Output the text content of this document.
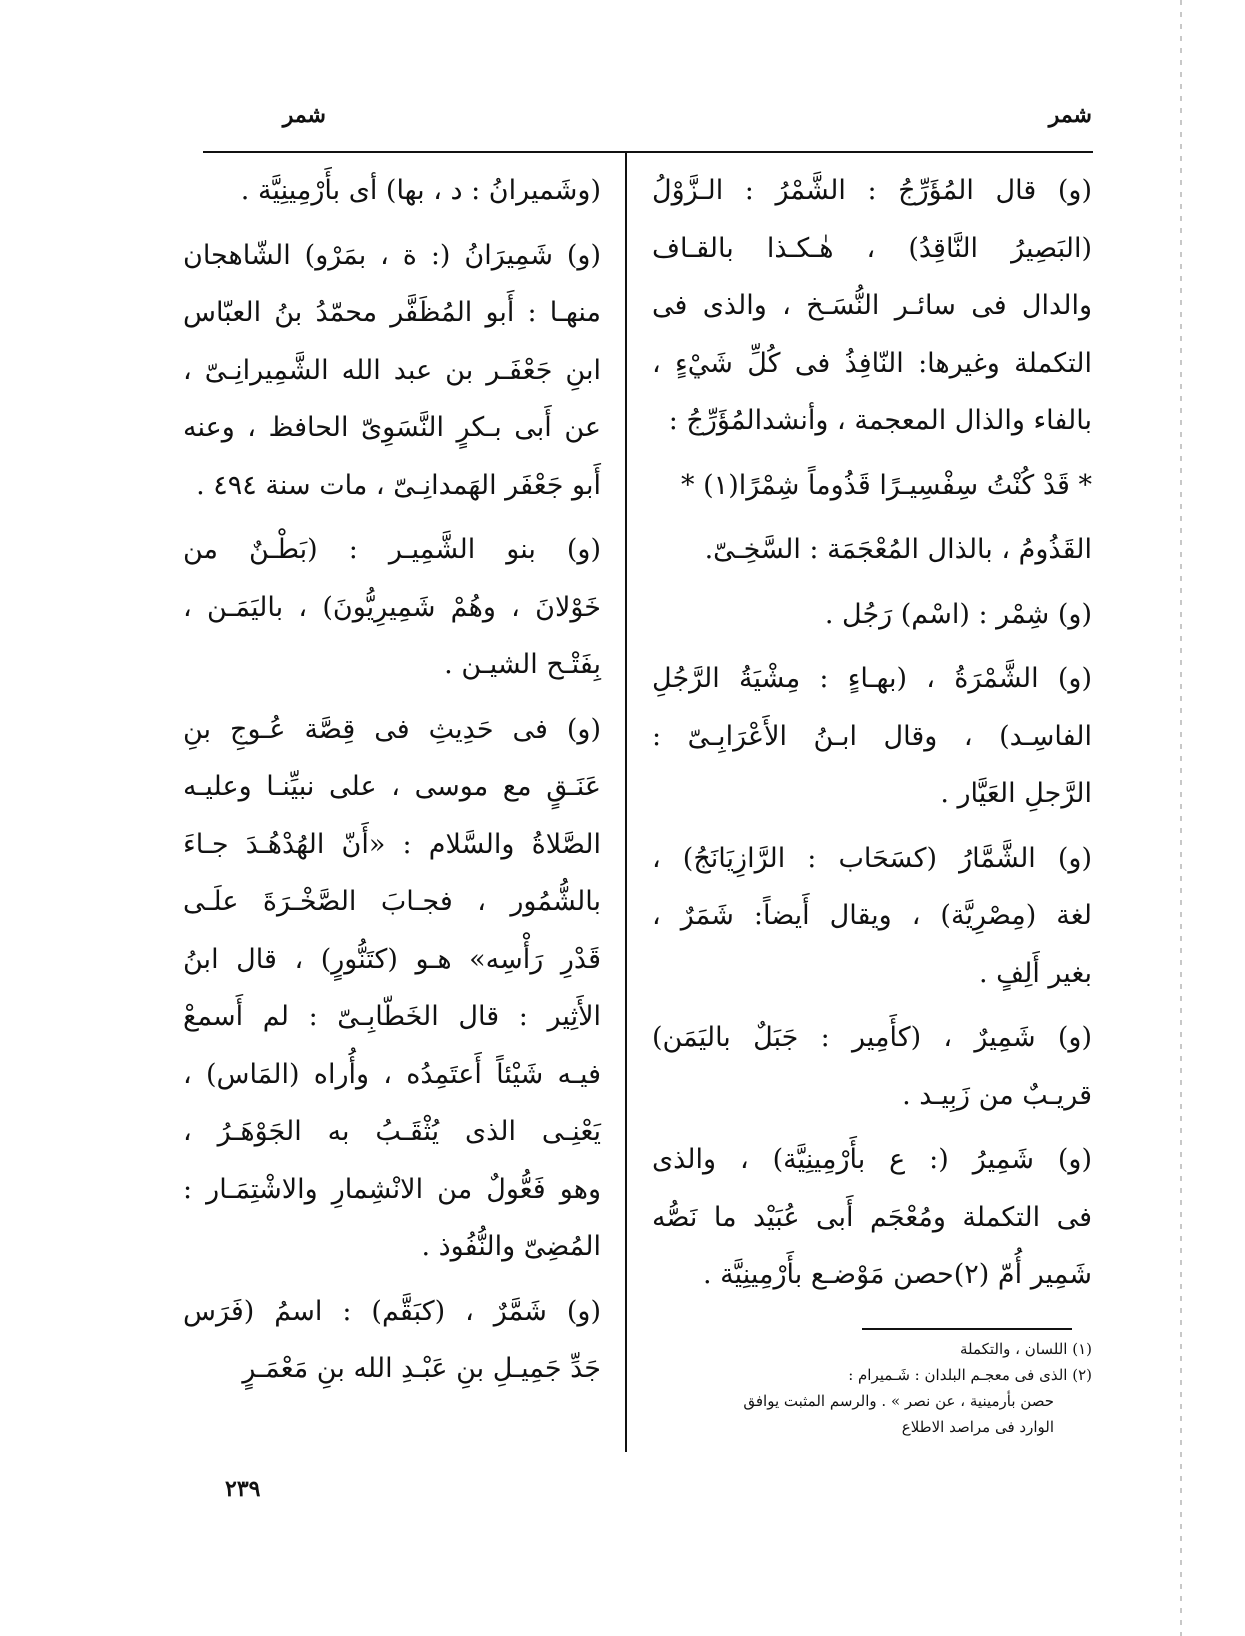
شمر
شمر
(و) قال المُؤَرِّجُ : الشَّمْرُ : الـزَّوْلُ
(البَصِيرُ النَّاقِدُ) ، هٰـكـذا بالقـاف
والدال فى سائـر النُّسَـخ ، والذى فى
التكملة وغيرها: النّافِذُ فى كُلِّ شَيْءٍ ،
بالفاء والذال المعجمة ، وأنشدالمُؤَرِّجُ :
* قَدْ كُنْتُ سِفْسِيـرًا قَذُوماً شِمْرًا(١) *
القَذُومُ ، بالذال المُعْجَمَة : السَّخِـىّ.
(و) شِمْر : (اسْم) رَجُل .
(و) الشَّمْرَةُ ، (بهـاءٍ : مِشْيَةُ الرَّجُلِ
الفاسِـد) ، وقال ابـنُ الأَعْرَابِـىّ :
الرَّجلِ العَيَّار .
(و) الشَّمَّارُ (كسَحَاب : الرَّازِيَانَجُ) ،
لغة (مِصْرِيَّة) ، ويقال أَيضاً: شَمَرٌ ،
بغير أَلِفٍ .
(و) شَمِيرٌ ، (كأَمِير : جَبَلٌ باليَمَن)
قريـبٌ من زَبِيـد .
(و) شَمِيرُ (: ع بأَرْمِينِيَّة) ، والذى
فى التكملة ومُعْجَم أَبى عُبَيْد ما نَصُّه
شَمِير أُمّ (٢)حصن مَوْضـع بأَرْمِينِيَّة .
(وشَميرانُ : د ، بها) أى بأَرْمِينِيَّة .
(و) شَمِيرَانُ (: ة ، بمَرْو) الشّاهجان
منهـا : أَبو المُظَفَّر محمّدُ بنُ العبّاس
ابنِ جَعْفَـر بن عبد الله الشَّمِيرانِـىّ ،
عن أَبى بـكرٍ النَّسَوِىّ الحافظ ، وعنه
أَبو جَعْفَر الهَمدانِـىّ ، مات سنة ٤٩٤ .
(و) بنو الشَّمِيـر : (بَطْـنٌ من
خَوْلانَ ، وهُمْ شَمِيرِيُّونَ) ، باليَمَـن ،
بِفَتْـح الشيـن .
(و) فى حَدِيثِ فى قِصَّة عُـوجِ بنِ
عَنَـقٍ مع موسى ، على نبيِّنـا وعليـه
الصَّلاةُ والسَّلام : «أَنّ الهُدْهُـدَ جـاءَ
بالشُّمُور ، فجـابَ الصَّخْـرَةَ علَـى
قَدْرِ رَأْسِه» هـو (كتَنُّورٍ) ، قال ابنُ
الأَثِير : قال الخَطّابِـىّ : لم أَسمعْ
فيـه شَيْئاً أَعتَمِدُه ، وأُراه (المَاس) ،
يَعْنِـى الذى يُثْقَـبُ به الجَوْهَـرُ ،
وهو فَعُّولٌ من الانْشِمارِ والاشْتِمَـار :
المُضِىّ والنُّفُوذ .
(و) شَمَّرٌ ، (كبَقَّم) : اسمُ (فَرَس
جَدِّ جَمِيـلِ بنِ عَبْـدِ الله بنِ مَعْمَـرٍ
(١) اللسان ، والتكملة
(٢) الذى فى معجـم البلدان : شَـميرام :
حصن بأرمينية ، عن نصر » . والرسم المثبت يوافق
الوارد فى مراصد الاطلاع
٢٣٩
